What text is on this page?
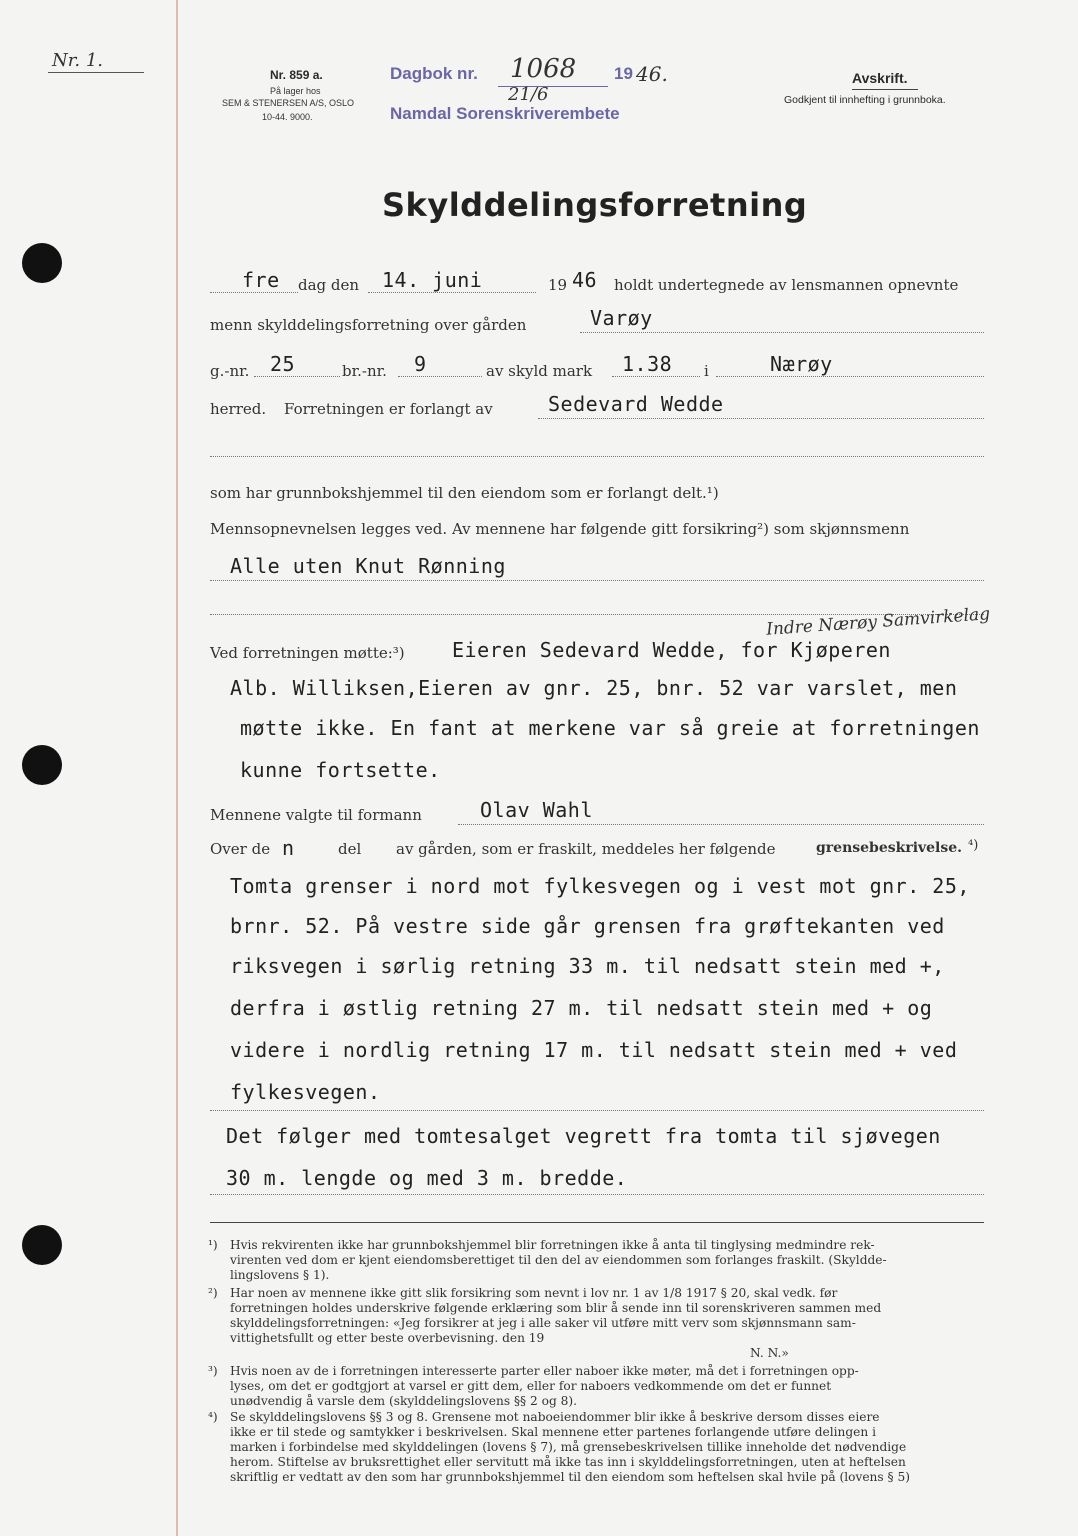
Nr. 1.
Nr. 859 a.
På lager hos
SEM & STENERSEN A/S, OSLO
10-44. 9000.
Dagbok nr. 1068 19 46.
21/6
Namdal Sorenskriverembete
Avskrift.
Godkjent til innhefting i grunnboka.
Skylddelingsforretning
fre dag den 14. juni	19 46 holdt undertegnede av lensmannen opnevnte
menn skylddelingsforretning over gården	Varøy
g.-nr. 25	br.-nr. 9	av skyld mark 1.38 i	Nærøy
herred. Forretningen er forlangt av	Sedevard Wedde
som har grunnbokshjemmel til den eiendom som er forlangt delt.¹)
Mennsopnevnelsen legges ved. Av mennene har følgende gitt forsikring²) som skjønnsmenn
Alle uten Knut Rønning
Indre Nærøy Samvirkelag
Ved forretningen møtte:³) Eieren Sedevard Wedde, for Kjøperen
Alb. Williksen,Eieren av gnr. 25, bnr. 52 var varslet, men
møtte ikke. En fant at merkene var så greie at forretningen
kunne fortsette.
Mennene valgte til formann	Olav Wahl
Over de n	del av gården, som er fraskilt, meddeles her følgende	grensebeskrivelse. ⁴)
Tomta grenser i nord mot fylkesvegen og i vest mot gnr. 25,
brnr. 52. På vestre side går grensen fra grøftekanten ved
riksvegen i sørlig retning 33 m. til nedsatt stein med +,
derfra i østlig retning 27 m. til nedsatt stein med + og
videre i nordlig retning 17 m. til nedsatt stein med + ved
fylkesvegen.
Det følger med tomtesalget vegrett fra tomta til sjøvegen
30 m. lengde og med 3 m. bredde.
¹) Hvis rekvirenten ikke har grunnbokshjemmel blir forretningen ikke å anta til tinglysing medmindre rek-
virenten ved dom er kjent eiendomsberettiget til den del av eiendommen som forlanges fraskilt. (Skyldde-
lingslovens § 1).
²) Har noen av mennene ikke gitt slik forsikring som nevnt i lov nr. 1 av 1/8 1917 § 20, skal vedk. før
forretningen holdes underskrive følgende erklæring som blir å sende inn til sorenskriveren sammen med
skylddelingsforretningen: «Jeg forsikrer at jeg i alle saker vil utføre mitt verv som skjønnsmann sam-
vittighetsfullt og etter beste overbevisning. den 19
N. N.»
³) Hvis noen av de i forretningen interesserte parter eller naboer ikke møter, må det i forretningen opp-
lyses, om det er godtgjort at varsel er gitt dem, eller for naboers vedkommende om det er funnet
unødvendig å varsle dem (skylddelingslovens §§ 2 og 8).
⁴) Se skylddelingslovens §§ 3 og 8. Grensene mot naboeiendommer blir ikke å beskrive dersom disses eiere
ikke er til stede og samtykker i beskrivelsen. Skal mennene etter partenes forlangende utføre delingen i
marken i forbindelse med skylddelingen (lovens § 7), må grensebeskrivelsen tillike inneholde det nødvendige
herom. Stiftelse av bruksrettighet eller servitutt må ikke tas inn i skylddelingsforretningen, uten at heftelsen
skriftlig er vedtatt av den som har grunnbokshjemmel til den eiendom som heftelsen skal hvile på (lovens § 5)
